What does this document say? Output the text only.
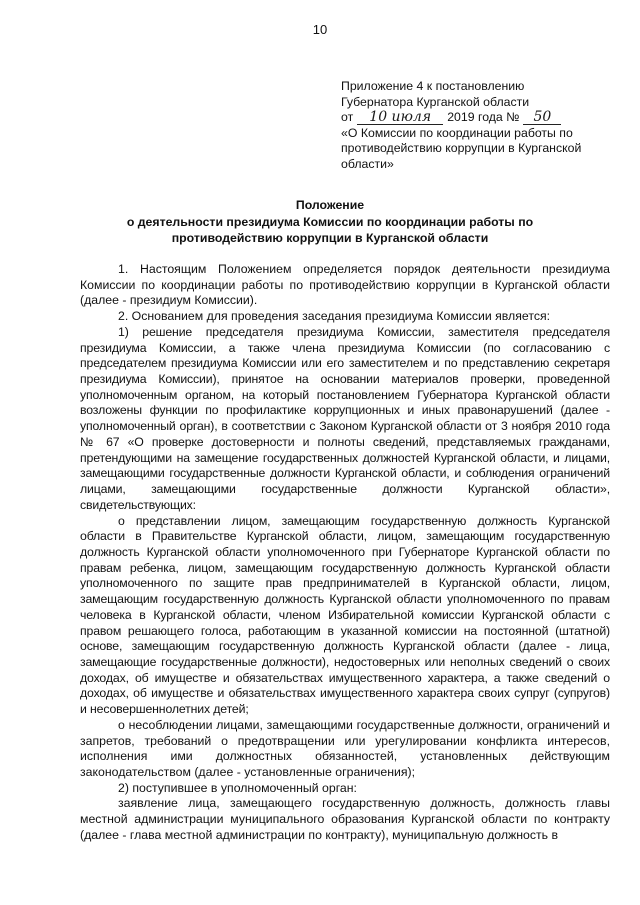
10
Приложение 4 к постановлению
Губернатора Курганской области
от 10 июля 2019 года № 50
«О Комиссии по координации работы по
противодействию коррупции в Курганской
области»
Положение
о деятельности президиума Комиссии по координации работы по
противодействию коррупции в Курганской области

1. Настоящим Положением определяется порядок деятельности президиума Комиссии по координации работы по противодействию коррупции в Курганской области (далее - президиум Комиссии).

2. Основанием для проведения заседания президиума Комиссии является:

1) решение председателя президиума Комиссии, заместителя председателя президиума Комиссии, а также члена президиума Комиссии (по согласованию с председателем президиума Комиссии или его заместителем и по представлению секретаря президиума Комиссии), принятое на основании материалов проверки, проведенной уполномоченным органом, на который постановлением Губернатора Курганской области возложены функции по профилактике коррупционных и иных правонарушений (далее - уполномоченный орган), в соответствии с Законом Курганской области от 3 ноября 2010 года № 67 «О проверке достоверности и полноты сведений, представляемых гражданами, претендующими на замещение государственных должностей Курганской области, и лицами, замещающими государственные должности Курганской области, и соблюдения ограничений лицами, замещающими государственные должности Курганской области», свидетельствующих:

о представлении лицом, замещающим государственную должность Курганской области в Правительстве Курганской области, лицом, замещающим государственную должность Курганской области уполномоченного при Губернаторе Курганской области по правам ребенка, лицом, замещающим государственную должность Курганской области уполномоченного по защите прав предпринимателей в Курганской области, лицом, замещающим государственную должность Курганской области уполномоченного по правам человека в Курганской области, членом Избирательной комиссии Курганской области с правом решающего голоса, работающим в указанной комиссии на постоянной (штатной) основе, замещающим государственную должность Курганской области (далее - лица, замещающие государственные должности), недостоверных или неполных сведений о своих доходах, об имуществе и обязательствах имущественного характера, а также сведений о доходах, об имуществе и обязательствах имущественного характера своих супруг (супругов) и несовершеннолетних детей;

о несоблюдении лицами, замещающими государственные должности, ограничений и запретов, требований о предотвращении или урегулировании конфликта интересов, исполнения ими должностных обязанностей, установленных действующим законодательством (далее - установленные ограничения);

2) поступившее в уполномоченный орган:

заявление лица, замещающего государственную должность, должность главы местной администрации муниципального образования Курганской области по контракту (далее - глава местной администрации по контракту), муниципальную должность в
